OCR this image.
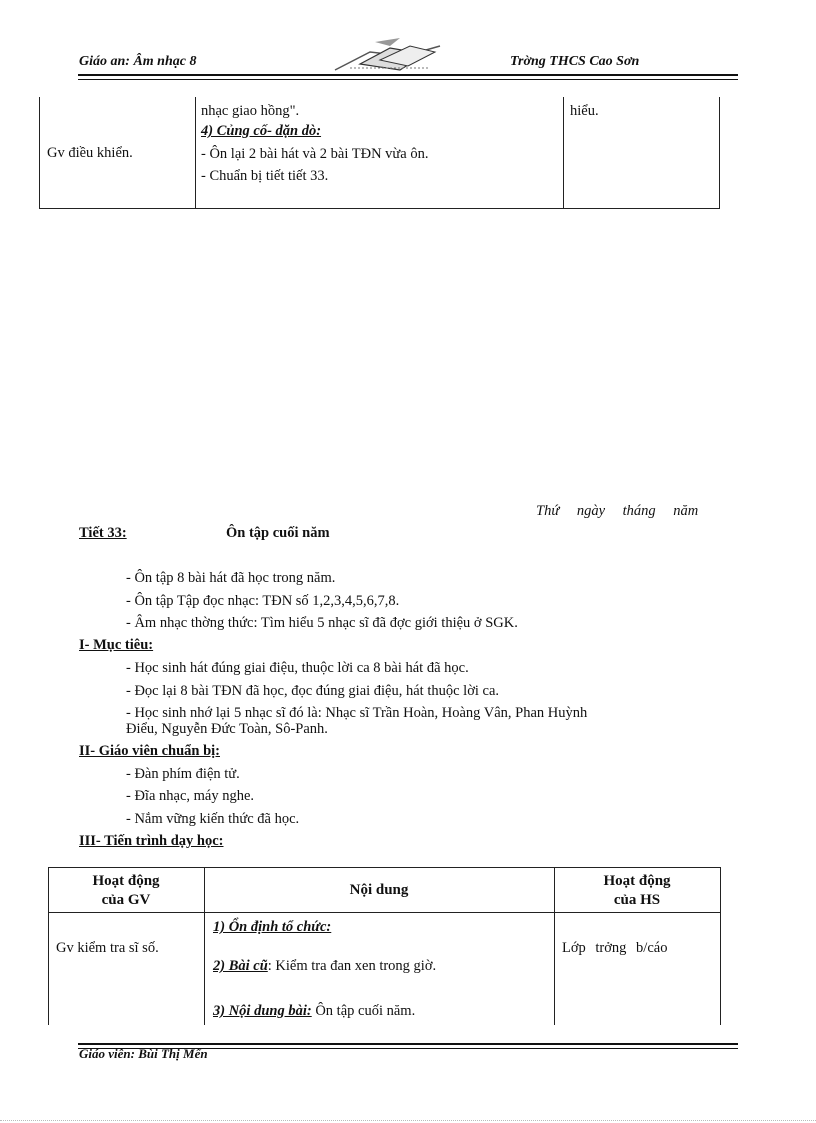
Giáo an: Âm nhạc 8	Trờng THCS Cao Sơn
Gv điều khiển.
nhạc giao hồng".
4) Củng cố- dặn dò:
- Ôn lại 2 bài hát và 2 bài TĐN vừa ôn.
- Chuẩn bị tiết tiết 33.
hiểu.
Thứ ngày tháng năm
Tiết 33:	Ôn tập cuối năm
- Ôn tập 8 bài hát đã học trong năm.
- Ôn tập Tập đọc nhạc: TĐN số 1,2,3,4,5,6,7,8.
- Âm nhạc thờng thức: Tìm hiểu 5 nhạc sĩ đã đợc giới thiệu ở SGK.
I- Mục tiêu:
- Học sinh hát đúng giai điệu, thuộc lời ca 8 bài hát đã học.
- Đọc lại 8 bài TĐN đã học, đọc đúng giai điệu, hát thuộc lời ca.
- Học sinh nhớ lại 5 nhạc sĩ đó là: Nhạc sĩ Trần Hoàn, Hoàng Vân, Phan Huỳnh
Điểu, Nguyễn Đức Toàn, Sô-Panh.
II- Giáo viên chuẩn bị:
- Đàn phím điện tử.
- Đĩa nhạc, máy nghe.
- Nắm vững kiến thức đã học.
III- Tiến trình dạy học:
Hoạt động
của GV
Nội dung
Hoạt động
của HS
Gv kiểm tra sĩ số.
1) Ổn định tổ chức:
2) Bài cũ: Kiểm tra đan xen trong giờ.
3) Nội dung bài: Ôn tập cuối năm.
Lớp trởng b/cáo
Giáo viên: Bùi Thị Mến
